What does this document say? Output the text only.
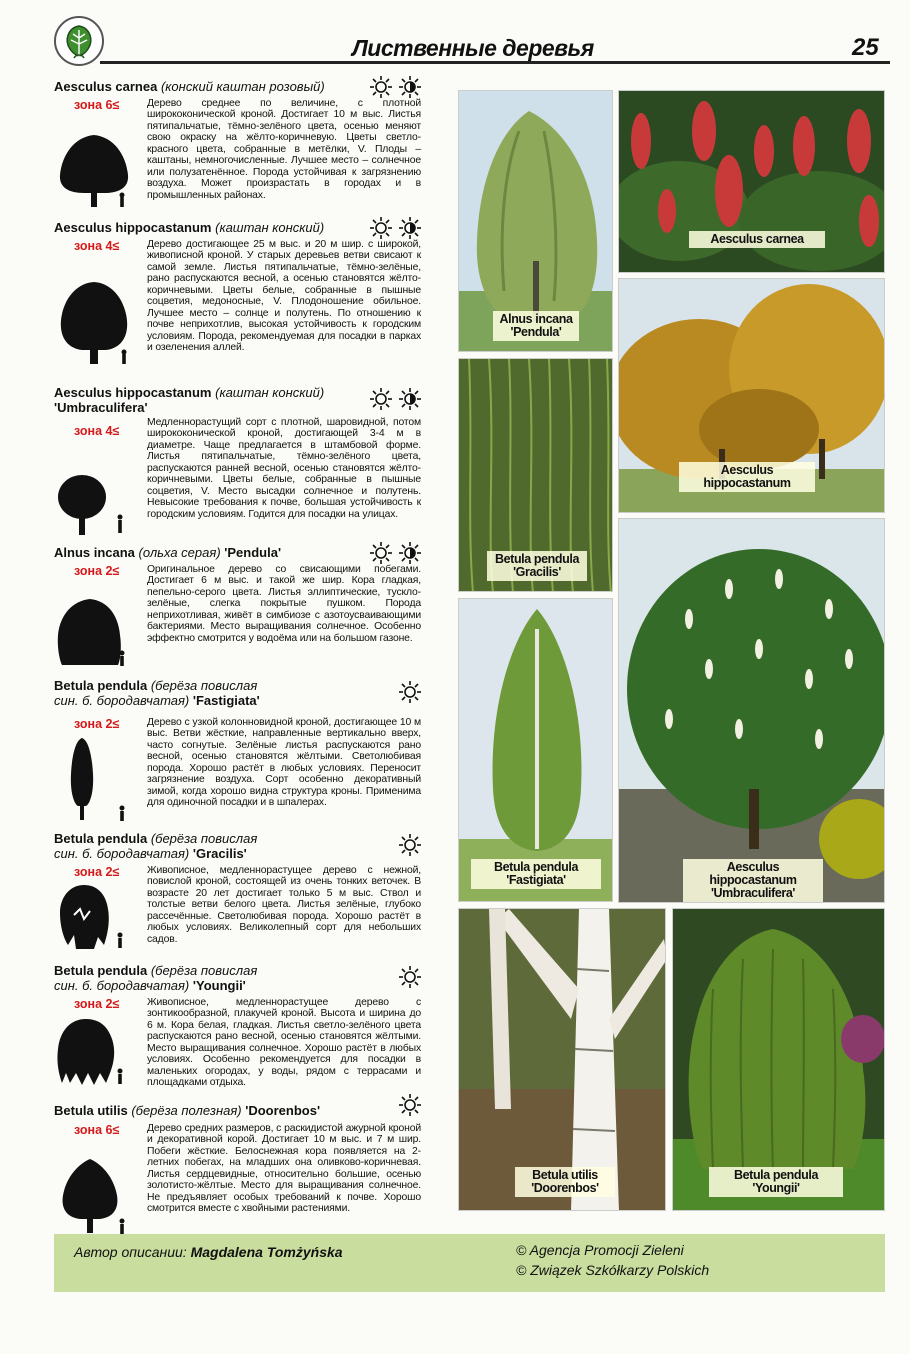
Лиственные деревья	25
Aesculus carnea (конский каштан розовый)
зона 6≤	Дерево среднее по величине, с плотной ширококонической кроной. Достигает 10 м выс. Листья пятипальчатые, тёмно-зелёного цвета, осенью меняют свою окраску на жёлто-коричневую. Цветы светло-красного цвета, собранные в метёлки, V. Плоды – каштаны, немногочисленные. Лучшее место – солнечное или полузатенённое. Порода устойчивая к загрязнению воздуха. Может произрастать в городах и в промышленных районах.
Aesculus hippocastanum (каштан конский)
зона 4≤	Дерево достигающее 25 м выс. и 20 м шир. с широкой, живописной кроной. У старых деревьев ветви свисают к самой земле. Листья пятипальчатые, тёмно-зелёные, рано распускаются весной, а осенью становятся жёлто-коричневыми. Цветы белые, собранные в пышные соцветия, медоносные, V. Плодоношение обильное. Лучшее место – солнце и полутень. По отношению к почве неприхотлив, высокая устойчивость к городским условиям. Порода, рекомендуемая для посадки в парках и озеленения аллей.
Aesculus hippocastanum (каштан конский)
'Umbraculifera'
зона 4≤
Медленнорастущий сорт с плотной, шаровидной, потом ширококонической кроной, достигающей 3-4 м в диаметре. Чаще предлагается в штамбовой форме. Листья пятипальчатые, тёмно-зелёного цвета, распускаются ранней весной, осенью становятся жёлто-коричневыми. Цветы белые, собранные в пышные соцветия, V. Место высадки солнечное и полутень. Невысокие требования к почве, большая устойчивость к городским условиям. Годится для посадки на улицах.
Alnus incana (ольха серая) 'Pendula'
зона 2≤	Оригинальное дерево со свисающими побегами. Достигает 6 м выс. и такой же шир. Кора гладкая, пепельно-серого цвета. Листья эллиптические, тускло-зелёные, слегка покрытые пушком. Порода неприхотливая, живёт в симбиозе с азотоусваивающими бактериями. Место выращивания солнечное. Особенно эффектно смотрится у водоёма или на большом газоне.
Betula pendula (берёза повислая
син. б. бородавчатая) 'Fastigiata'
зона 2≤	Дерево с узкой колонновидной кроной, достигающее 10 м выс. Ветви жёсткие, направленные вертикально вверх, часто согнутые. Зелёные листья распускаются рано весной, осенью становятся жёлтыми. Светолюбивая порода. Хорошо растёт в любых условиях. Переносит загрязнение воздуха. Сорт особенно декоративный зимой, когда хорошо видна структура кроны. Применима для одиночной посадки и в шпалерах.
Betula pendula (берёза повислая
син. б. бородавчатая) 'Gracilis'
зона 2≤	Живописное, медленнорастущее дерево с нежной, повислой кроной, состоящей из очень тонких веточек. В возрасте 20 лет достигает только 5 м выс. Ствол и толстые ветви белого цвета. Листья зелёные, глубоко рассечённые. Светолюбивая порода. Хорошо растёт в любых условиях. Великолепный сорт для небольших садов.
Betula pendula (берёза повислая
син. б. бородавчатая) 'Youngii'
зона 2≤	Живописное, медленнорастущее дерево с зонтикообразной, плакучей кроной. Высота и ширина до 6 м. Кора белая, гладкая. Листья светло-зелёного цвета распускаются рано весной, осенью становятся жёлтыми. Место выращивания солнечное. Хорошо растёт в любых условиях. Особенно рекомендуется для посадки в маленьких огородах, у воды, рядом с террасами и площадками отдыха.
Betula utilis (берёза полезная) 'Doorenbos'
зона 6≤	Дерево средних размеров, с раскидистой ажурной кроной и декоративной корой. Достигает 10 м выс. и 7 м шир. Побеги жёсткие. Белоснежная кора появляется на 2-летних побегах, на младших она оливково-коричневая. Листья сердцевидные, относительно большие, осенью золотисто-жёлтые. Место для выращивания солнечное. Не предъявляет особых требований к почве. Хорошо смотрится вместе с хвойными растениями.
Alnus incana
'Pendula'
Aesculus carnea
Aesculus
hippocastanum
Betula pendula
'Gracilis'
Betula pendula
'Fastigiata'
Aesculus hippocastanum
'Umbraculifera'
Betula utilis
'Doorenbos'
Betula pendula
'Youngii'
Автор описании: Magdalena Tomżyńska	© Agencja Promocji Zieleni
© Związek Szkółkarzy Polskich
